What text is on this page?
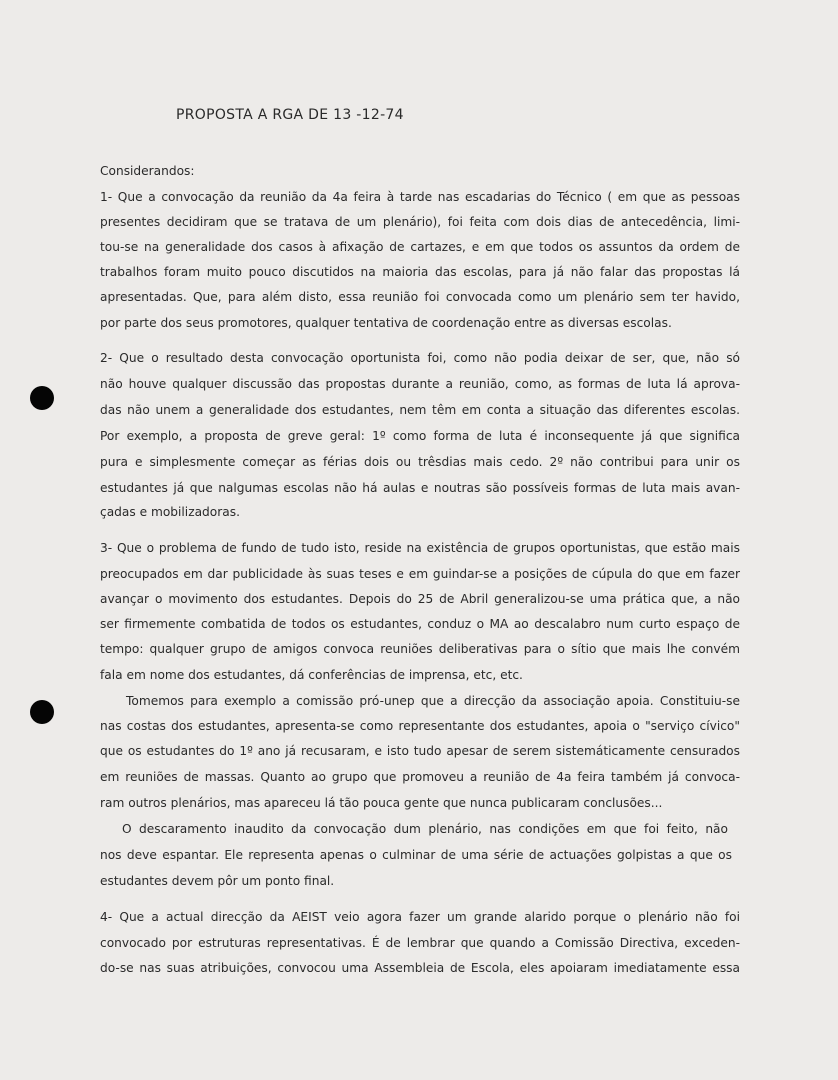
PROPOSTA A RGA DE 13 -12-74
Considerandos:
1- Que a convocação da reunião da 4a feira à tarde nas escadarias do Técnico ( em que as pessoas
presentes decidiram que se tratava de um plenário), foi feita com dois dias de antecedência, limi-
tou-se na generalidade dos casos à afixação de cartazes, e em que todos os assuntos da ordem de
trabalhos foram muito pouco discutidos na maioria das escolas, para já não falar das propostas lá
apresentadas. Que, para além disto, essa reunião foi convocada como um plenário sem ter havido,
por parte dos seus promotores, qualquer tentativa de coordenação entre as diversas escolas.
2- Que o resultado desta convocação oportunista foi, como não podia deixar de ser, que, não só
não houve qualquer discussão das propostas durante a reunião, como, as formas de luta lá aprova-
das não unem a generalidade dos estudantes, nem têm em conta a situação das diferentes escolas.
Por exemplo, a proposta de greve geral: 1º como forma de luta é inconsequente já que significa
pura e simplesmente começar as férias dois ou trêsdias mais cedo. 2º não contribui para unir os
estudantes já que nalgumas escolas não há aulas e noutras são possíveis formas de luta mais avan-
çadas e mobilizadoras.
3- Que o problema de fundo de tudo isto, reside na existência de grupos oportunistas, que estão mais
preocupados em dar publicidade às suas teses e em guindar-se a posições de cúpula do que em fazer
avançar o movimento dos estudantes. Depois do 25 de Abril generalizou-se uma prática que, a não
ser firmemente combatida de todos os estudantes, conduz o MA ao descalabro num curto espaço de
tempo: qualquer grupo de amigos convoca reuniões deliberativas para o sítio que mais lhe convém
fala em nome dos estudantes, dá conferências de imprensa, etc, etc.
Tomemos para exemplo a comissão pró-unep que a direcção da associação apoia. Constituiu-se
nas costas dos estudantes, apresenta-se como representante dos estudantes, apoia o "serviço cívico"
que os estudantes do 1º ano já recusaram, e isto tudo apesar de serem sistemáticamente censurados
em reuniões de massas. Quanto ao grupo que promoveu a reunião de 4a feira também já convoca-
ram outros plenários, mas apareceu lá tão pouca gente que nunca publicaram conclusões...
O descaramento inaudito da convocação dum plenário, nas condições em que foi feito, não
nos deve espantar. Ele representa apenas o culminar de uma série de actuações golpistas a que os
estudantes devem pôr um ponto final.
4- Que a actual direcção da AEIST veio agora fazer um grande alarido porque o plenário não foi
convocado por estruturas representativas. É de lembrar que quando a Comissão Directiva, exceden-
do-se nas suas atribuições, convocou uma Assembleia de Escola, eles apoiaram imediatamente essa
